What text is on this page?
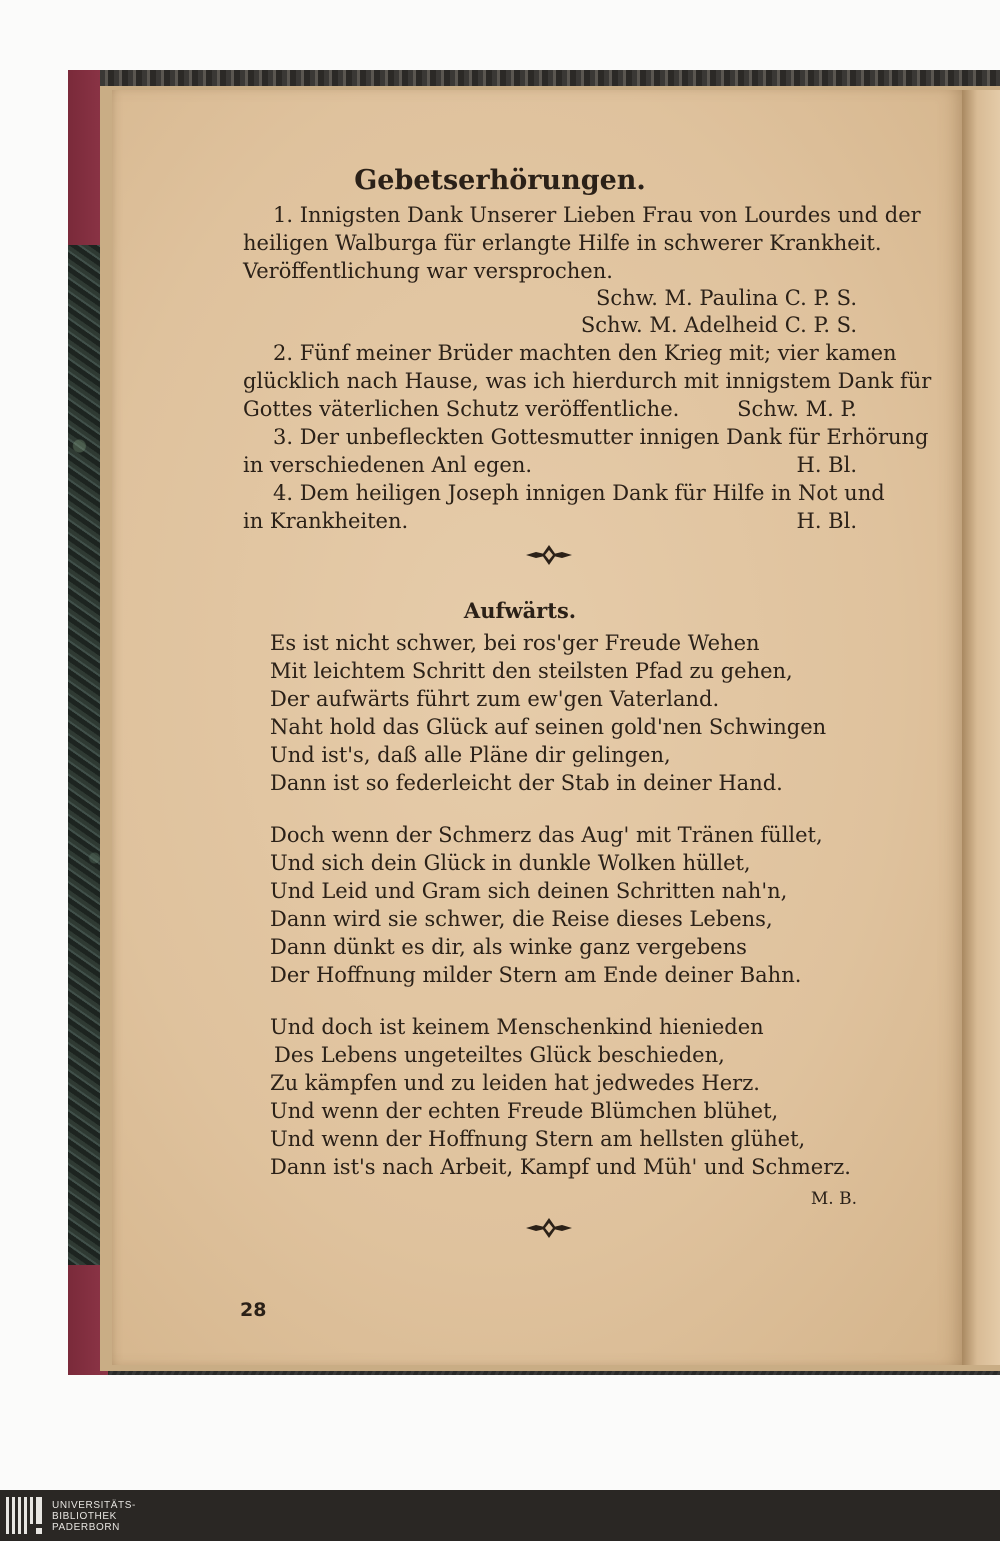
Gebetserhörungen.
1. Innigsten Dank Unserer Lieben Frau von Lourdes und der
heiligen Walburga für erlangte Hilfe in schwerer Krankheit.
Veröffentlichung war versprochen.
Schw. M. Paulina C. P. S.
Schw. M. Adelheid C. P. S.
2. Fünf meiner Brüder machten den Krieg mit; vier kamen
glücklich nach Hause, was ich hierdurch mit innigstem Dank für
Gottes väterlichen Schutz veröffentliche.	Schw. M. P.
3. Der unbefleckten Gottesmutter innigen Dank für Erhörung
in verschiedenen Anl egen.	H. Bl.
4. Dem heiligen Joseph innigen Dank für Hilfe in Not und
in Krankheiten.	H. Bl.
Aufwärts.
Es ist nicht schwer, bei ros'ger Freude Wehen
Mit leichtem Schritt den steilsten Pfad zu gehen,
Der aufwärts führt zum ew'gen Vaterland.
Naht hold das Glück auf seinen gold'nen Schwingen
Und ist's, daß alle Pläne dir gelingen,
Dann ist so federleicht der Stab in deiner Hand.
Doch wenn der Schmerz das Aug' mit Tränen füllet,
Und sich dein Glück in dunkle Wolken hüllet,
Und Leid und Gram sich deinen Schritten nah'n,
Dann wird sie schwer, die Reise dieses Lebens,
Dann dünkt es dir, als winke ganz vergebens
Der Hoffnung milder Stern am Ende deiner Bahn.
Und doch ist keinem Menschenkind hienieden
Des Lebens ungeteiltes Glück beschieden,
Zu kämpfen und zu leiden hat jedwedes Herz.
Und wenn der echten Freude Blümchen blühet,
Und wenn der Hoffnung Stern am hellsten glühet,
Dann ist's nach Arbeit, Kampf und Müh' und Schmerz.
M. B.
28
UNIVERSITÄTS-
BIBLIOTHEK
PADERBORN
